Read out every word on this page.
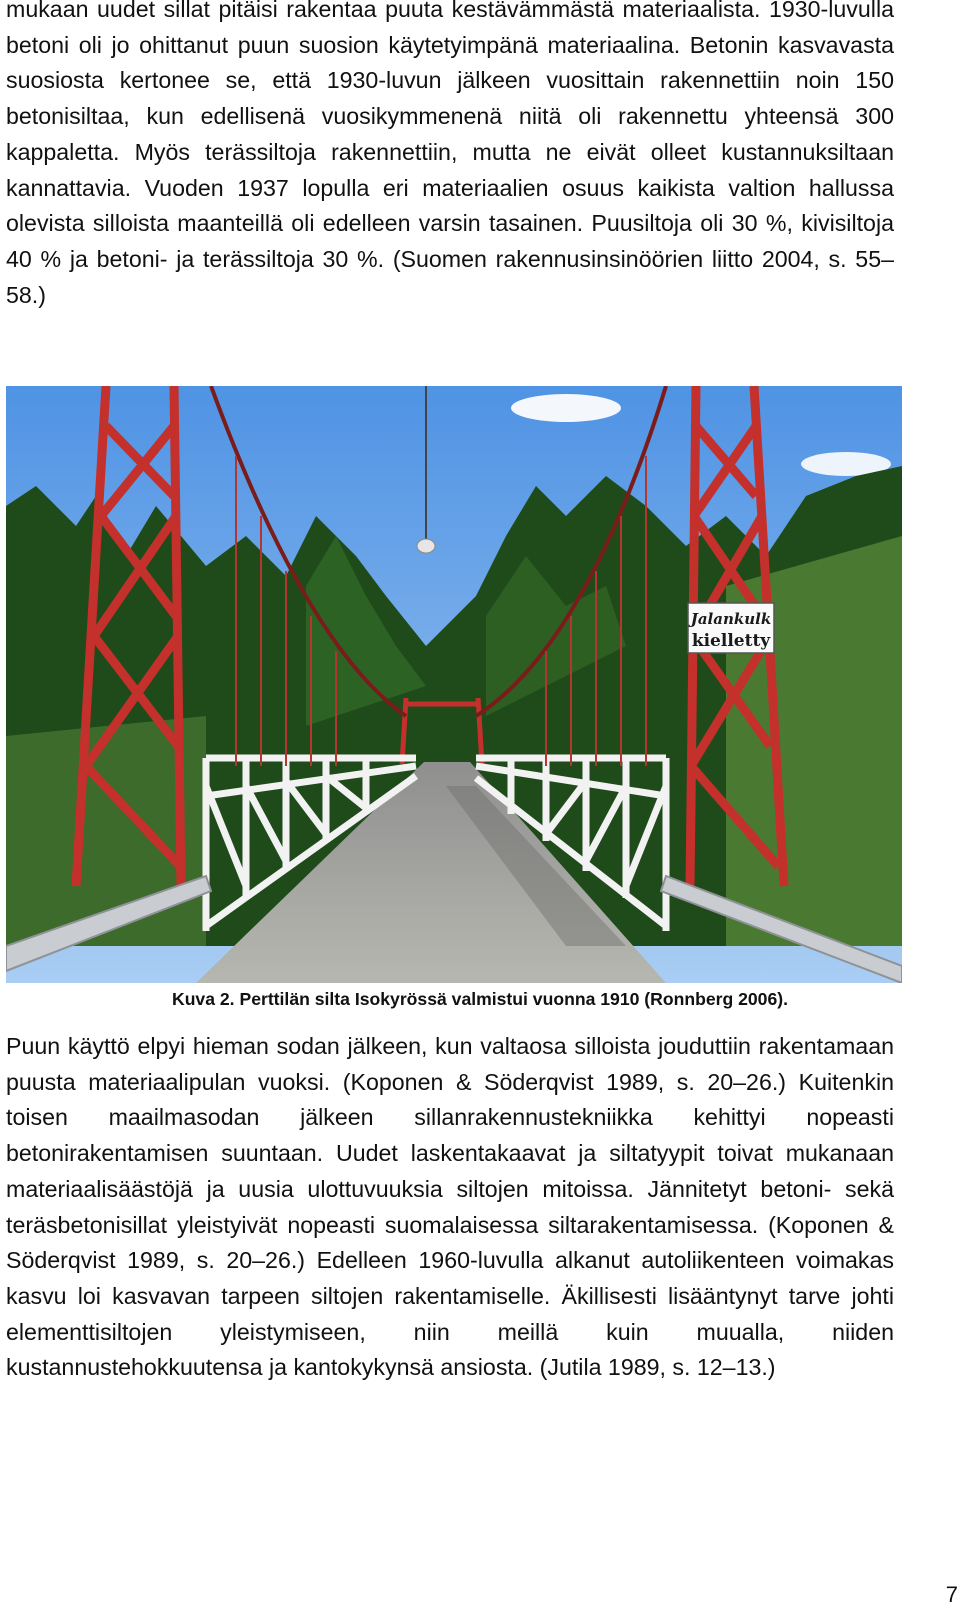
mukaan uudet sillat pitäisi rakentaa puuta kestävämmästä materiaalista. 1930-luvulla betoni oli jo ohittanut puun suosion käytetyimpänä materiaalina. Betonin kasvavasta suosiosta kertonee se, että 1930-luvun jälkeen vuosittain rakennettiin noin 150 betonisiltaa, kun edellisenä vuosikymmenenä niitä oli rakennettu yhteensä 300 kappaletta. Myös terässiltoja rakennettiin, mutta ne eivät olleet kustannuksiltaan kannattavia. Vuoden 1937 lopulla eri materiaalien osuus kaikista valtion hallussa olevista silloista maanteillä oli edelleen varsin tasainen. Puusiltoja oli 30 %, kivisiltoja 40 % ja betoni- ja terässiltoja 30 %. (Suomen rakennusinsinöörien liitto 2004, s. 55–58.)

Jalankulk
kielletty
Kuva 2. Perttilän silta Isokyrössä valmistui vuonna 1910 (Ronnberg 2006).

Puun käyttö elpyi hieman sodan jälkeen, kun valtaosa silloista jouduttiin rakentamaan puusta materiaalipulan vuoksi. (Koponen & Söderqvist 1989, s. 20–26.) Kuitenkin toisen maailmasodan jälkeen sillanrakennustekniikka kehittyi nopeasti betonirakentamisen suuntaan. Uudet laskentakaavat ja siltatyypit toivat mukanaan materiaalisäästöjä ja uusia ulottuvuuksia siltojen mitoissa. Jännitetyt betoni- sekä teräsbetonisillat yleistyivät nopeasti suomalaisessa siltarakentamisessa. (Koponen & Söderqvist 1989, s. 20–26.) Edelleen 1960-luvulla alkanut autoliikenteen voimakas kasvu loi kasvavan tarpeen siltojen rakentamiselle. Äkillisesti lisääntynyt tarve johti elementtisiltojen yleistymiseen, niin meillä kuin muualla, niiden kustannustehokkuutensa ja kantokykynsä ansiosta. (Jutila 1989, s. 12–13.)

7
